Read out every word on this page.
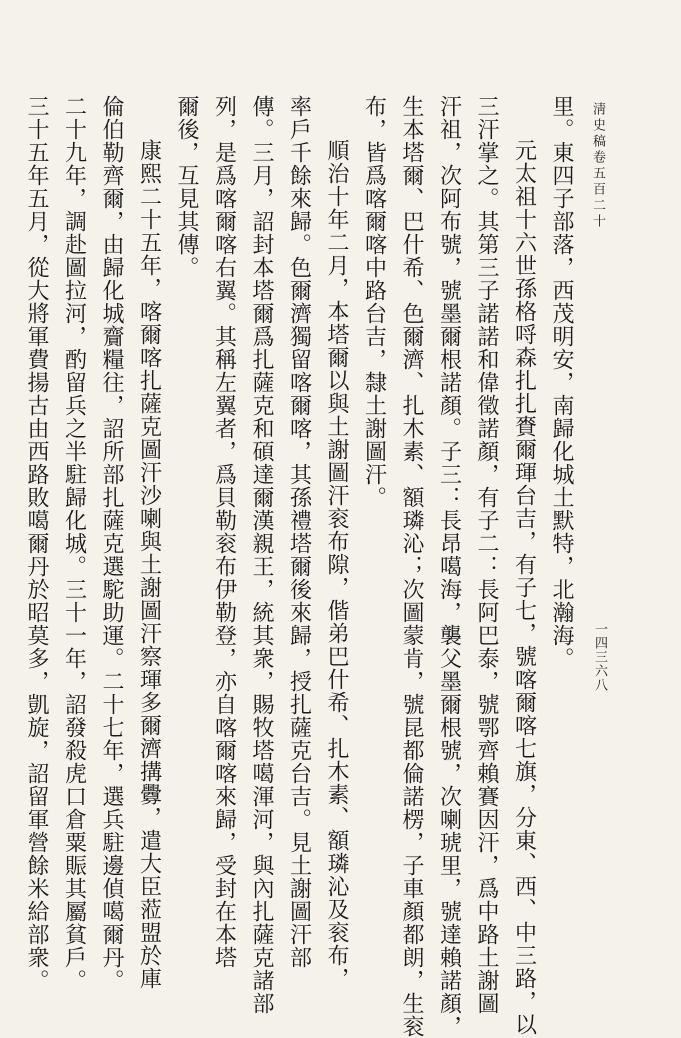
淸史稿卷五百二十
一四三六八

里。東四子部落，西茂明安，南歸化城土默特，北瀚海。

元太祖十六世孫格哷森扎扎賚爾琿台吉，有子七，號喀爾喀七旗，分東、西、中三路，以

三汗掌之。其第三子諾諾和偉徵諾顏，有子二：長阿巴泰，號鄂齊賴賽因汗，爲中路土謝圖

汗祖，次阿布號，號墨爾根諾顏。子三：長昂噶海，襲父墨爾根號，次喇琥里，號達賴諾顏，

生本塔爾、巴什希、色爾濟、扎木素、額璘沁；次圖蒙肯，號昆都倫諾楞，子車顏都朗，生衮

布，皆爲喀爾喀中路台吉，隸土謝圖汗。

順治十年二月，本塔爾以與土謝圖汗衮布隙，偕弟巴什希、扎木素、額璘沁及衮布，

率戶千餘來歸。色爾濟獨留喀爾喀，其孫禮塔爾後來歸，授扎薩克台吉。見土謝圖汗部

傳。三月，詔封本塔爾爲扎薩克和碩達爾漢親王，統其衆，賜牧塔噶渾河，與內扎薩克諸部

列，是爲喀爾喀右翼。其稱左翼者，爲貝勒衮布伊勒登，亦自喀爾喀來歸，受封在本塔

爾後，互見其傳。

康熙二十五年，喀爾喀扎薩克圖汗沙喇與土謝圖汗察琿多爾濟搆釁，遣大臣蒞盟於庫

倫伯勒齊爾，由歸化城齎糧往，詔所部扎薩克選駝助運。二十七年，選兵駐邊偵噶爾丹。

二十九年，調赴圖拉河，酌留兵之半駐歸化城。三十一年，詔發殺虎口倉粟賑其屬貧戶。

三十五年五月，從大將軍費揚古由西路敗噶爾丹於昭莫多，凱旋，詔留軍營餘米給部衆。
